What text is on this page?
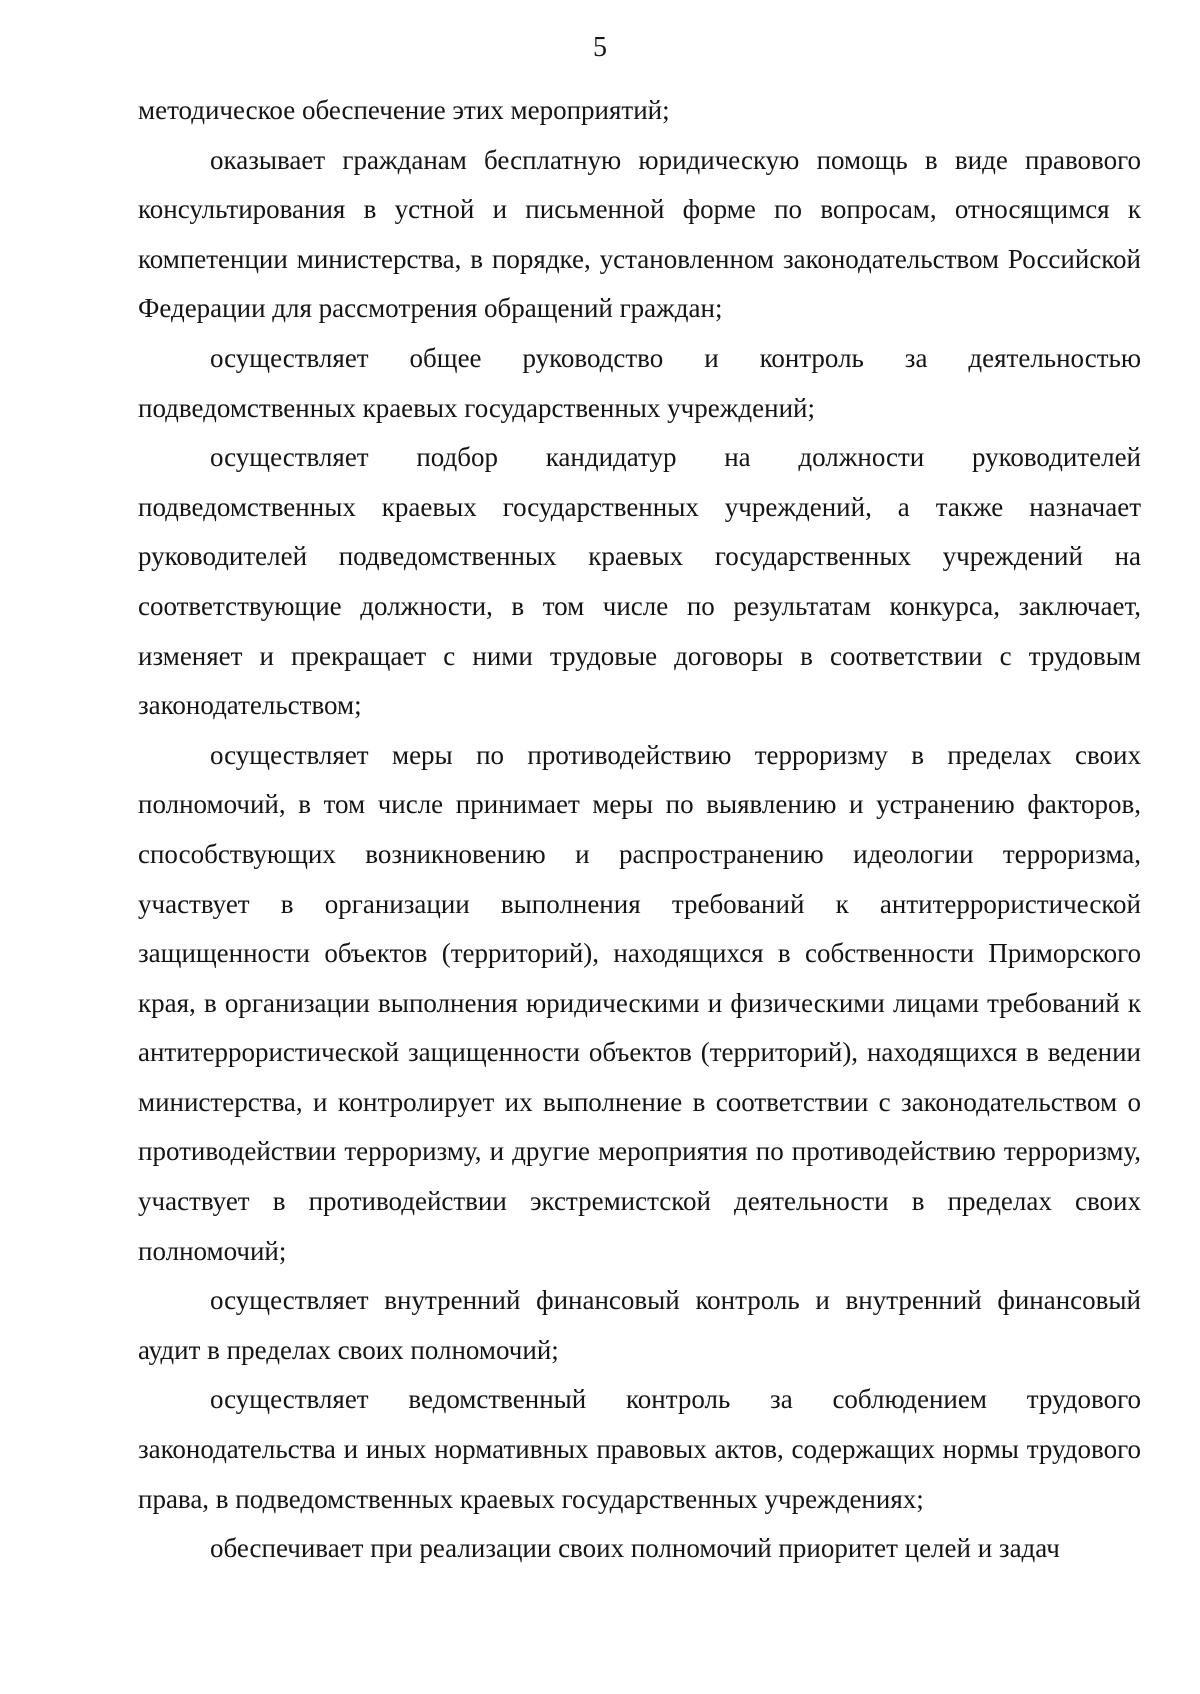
5

методическое обеспечение этих мероприятий;

оказывает гражданам бесплатную юридическую помощь в виде правового консультирования в устной и письменной форме по вопросам, относящимся к компетенции министерства, в порядке, установленном законодательством Российской Федерации для рассмотрения обращений граждан;

осуществляет общее руководство и контроль за деятельностью подведомственных краевых государственных учреждений;

осуществляет подбор кандидатур на должности руководителей подведомственных краевых государственных учреждений, а также назначает руководителей подведомственных краевых государственных учреждений на соответствующие должности, в том числе по результатам конкурса, заключает, изменяет и прекращает с ними трудовые договоры в соответствии с трудовым законодательством;

осуществляет меры по противодействию терроризму в пределах своих полномочий, в том числе принимает меры по выявлению и устранению факторов, способствующих возникновению и распространению идеологии терроризма, участвует в организации выполнения требований к антитеррористической защищенности объектов (территорий), находящихся в собственности Приморского края, в организации выполнения юридическими и физическими лицами требований к антитеррористической защищенности объектов (территорий), находящихся в ведении министерства, и контролирует их выполнение в соответствии с законодательством о противодействии терроризму, и другие мероприятия по противодействию терроризму, участвует в противодействии экстремистской деятельности в пределах своих полномочий;

осуществляет внутренний финансовый контроль и внутренний финансовый аудит в пределах своих полномочий;

осуществляет ведомственный контроль за соблюдением трудового законодательства и иных нормативных правовых актов, содержащих нормы трудового права, в подведомственных краевых государственных учреждениях;

обеспечивает при реализации своих полномочий приоритет целей и задач
